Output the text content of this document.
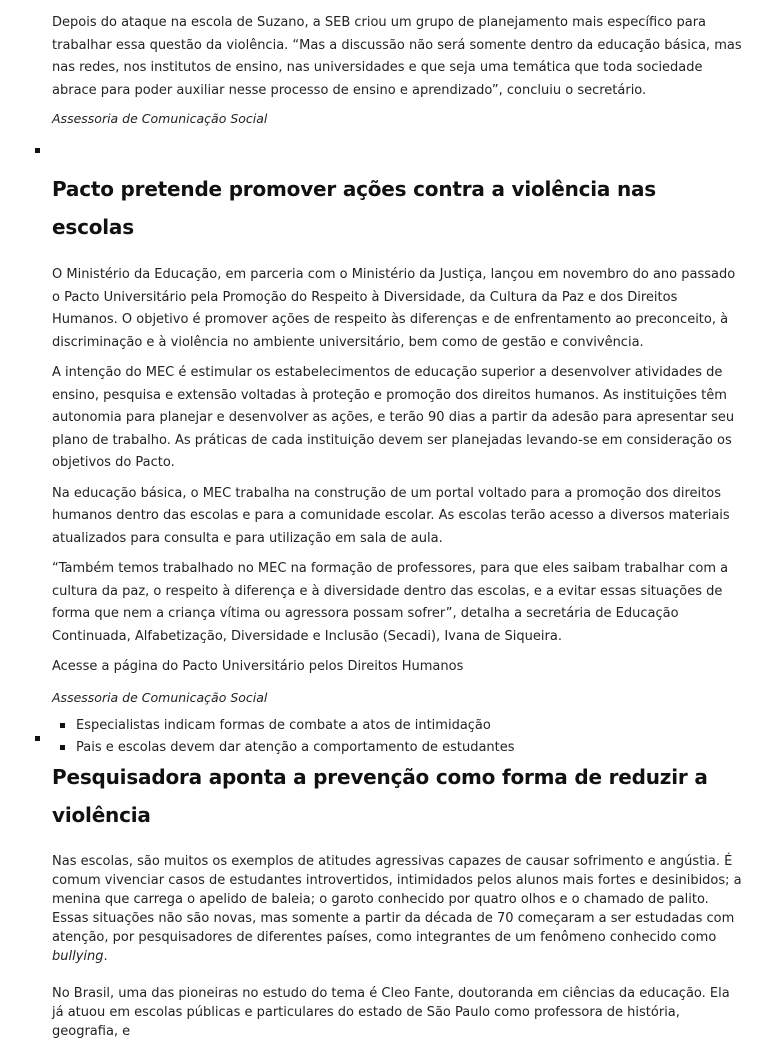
Depois do ataque na escola de Suzano, a SEB criou um grupo de planejamento mais específico para trabalhar essa questão da violência. “Mas a discussão não será somente dentro da educação básica, mas nas redes, nos institutos de ensino, nas universidades e que seja uma temática que toda sociedade abrace para poder auxiliar nesse processo de ensino e aprendizado”, concluiu o secretário.

Assessoria de Comunicação Social

Pacto pretende promover ações contra a violência nas escolas

O Ministério da Educação, em parceria com o Ministério da Justiça, lançou em novembro do ano passado o Pacto Universitário pela Promoção do Respeito à Diversidade, da Cultura da Paz e dos Direitos Humanos. O objetivo é promover ações de respeito às diferenças e de enfrentamento ao preconceito, à discriminação e à violência no ambiente universitário, bem como de gestão e convivência.

A intenção do MEC é estimular os estabelecimentos de educação superior a desenvolver atividades de ensino, pesquisa e extensão voltadas à proteção e promoção dos direitos humanos. As instituições têm autonomia para planejar e desenvolver as ações, e terão 90 dias a partir da adesão para apresentar seu plano de trabalho. As práticas de cada instituição devem ser planejadas levando-se em consideração os objetivos do Pacto.

Na educação básica, o MEC trabalha na construção de um portal voltado para a promoção dos direitos humanos dentro das escolas e para a comunidade escolar. As escolas terão acesso a diversos materiais atualizados para consulta e para utilização em sala de aula.

“Também temos trabalhado no MEC na formação de professores, para que eles saibam trabalhar com a cultura da paz, o respeito à diferença e à diversidade dentro das escolas, e a evitar essas situações de forma que nem a criança vítima ou agressora possam sofrer”, detalha a secretária de Educação Continuada, Alfabetização, Diversidade e Inclusão (Secadi), Ivana de Siqueira.

Acesse a página do Pacto Universitário pelos Direitos Humanos

Assessoria de Comunicação Social

Especialistas indicam formas de combate a atos de intimidação
Pais e escolas devem dar atenção a comportamento de estudantes
Pesquisadora aponta a prevenção como forma de reduzir a violência

Nas escolas, são muitos os exemplos de atitudes agressivas capazes de causar sofrimento e angústia. É comum vivenciar casos de estudantes introvertidos, intimidados pelos alunos mais fortes e desinibidos; a menina que carrega o apelido de baleia; o garoto conhecido por quatro olhos e o chamado de palito. Essas situações não são novas, mas somente a partir da década de 70 começaram a ser estudadas com atenção, por pesquisadores de diferentes países, como integrantes de um fenômeno conhecido como bullying.

No Brasil, uma das pioneiras no estudo do tema é Cleo Fante, doutoranda em ciências da educação. Ela já atuou em escolas públicas e particulares do estado de São Paulo como professora de história, geografia, e
